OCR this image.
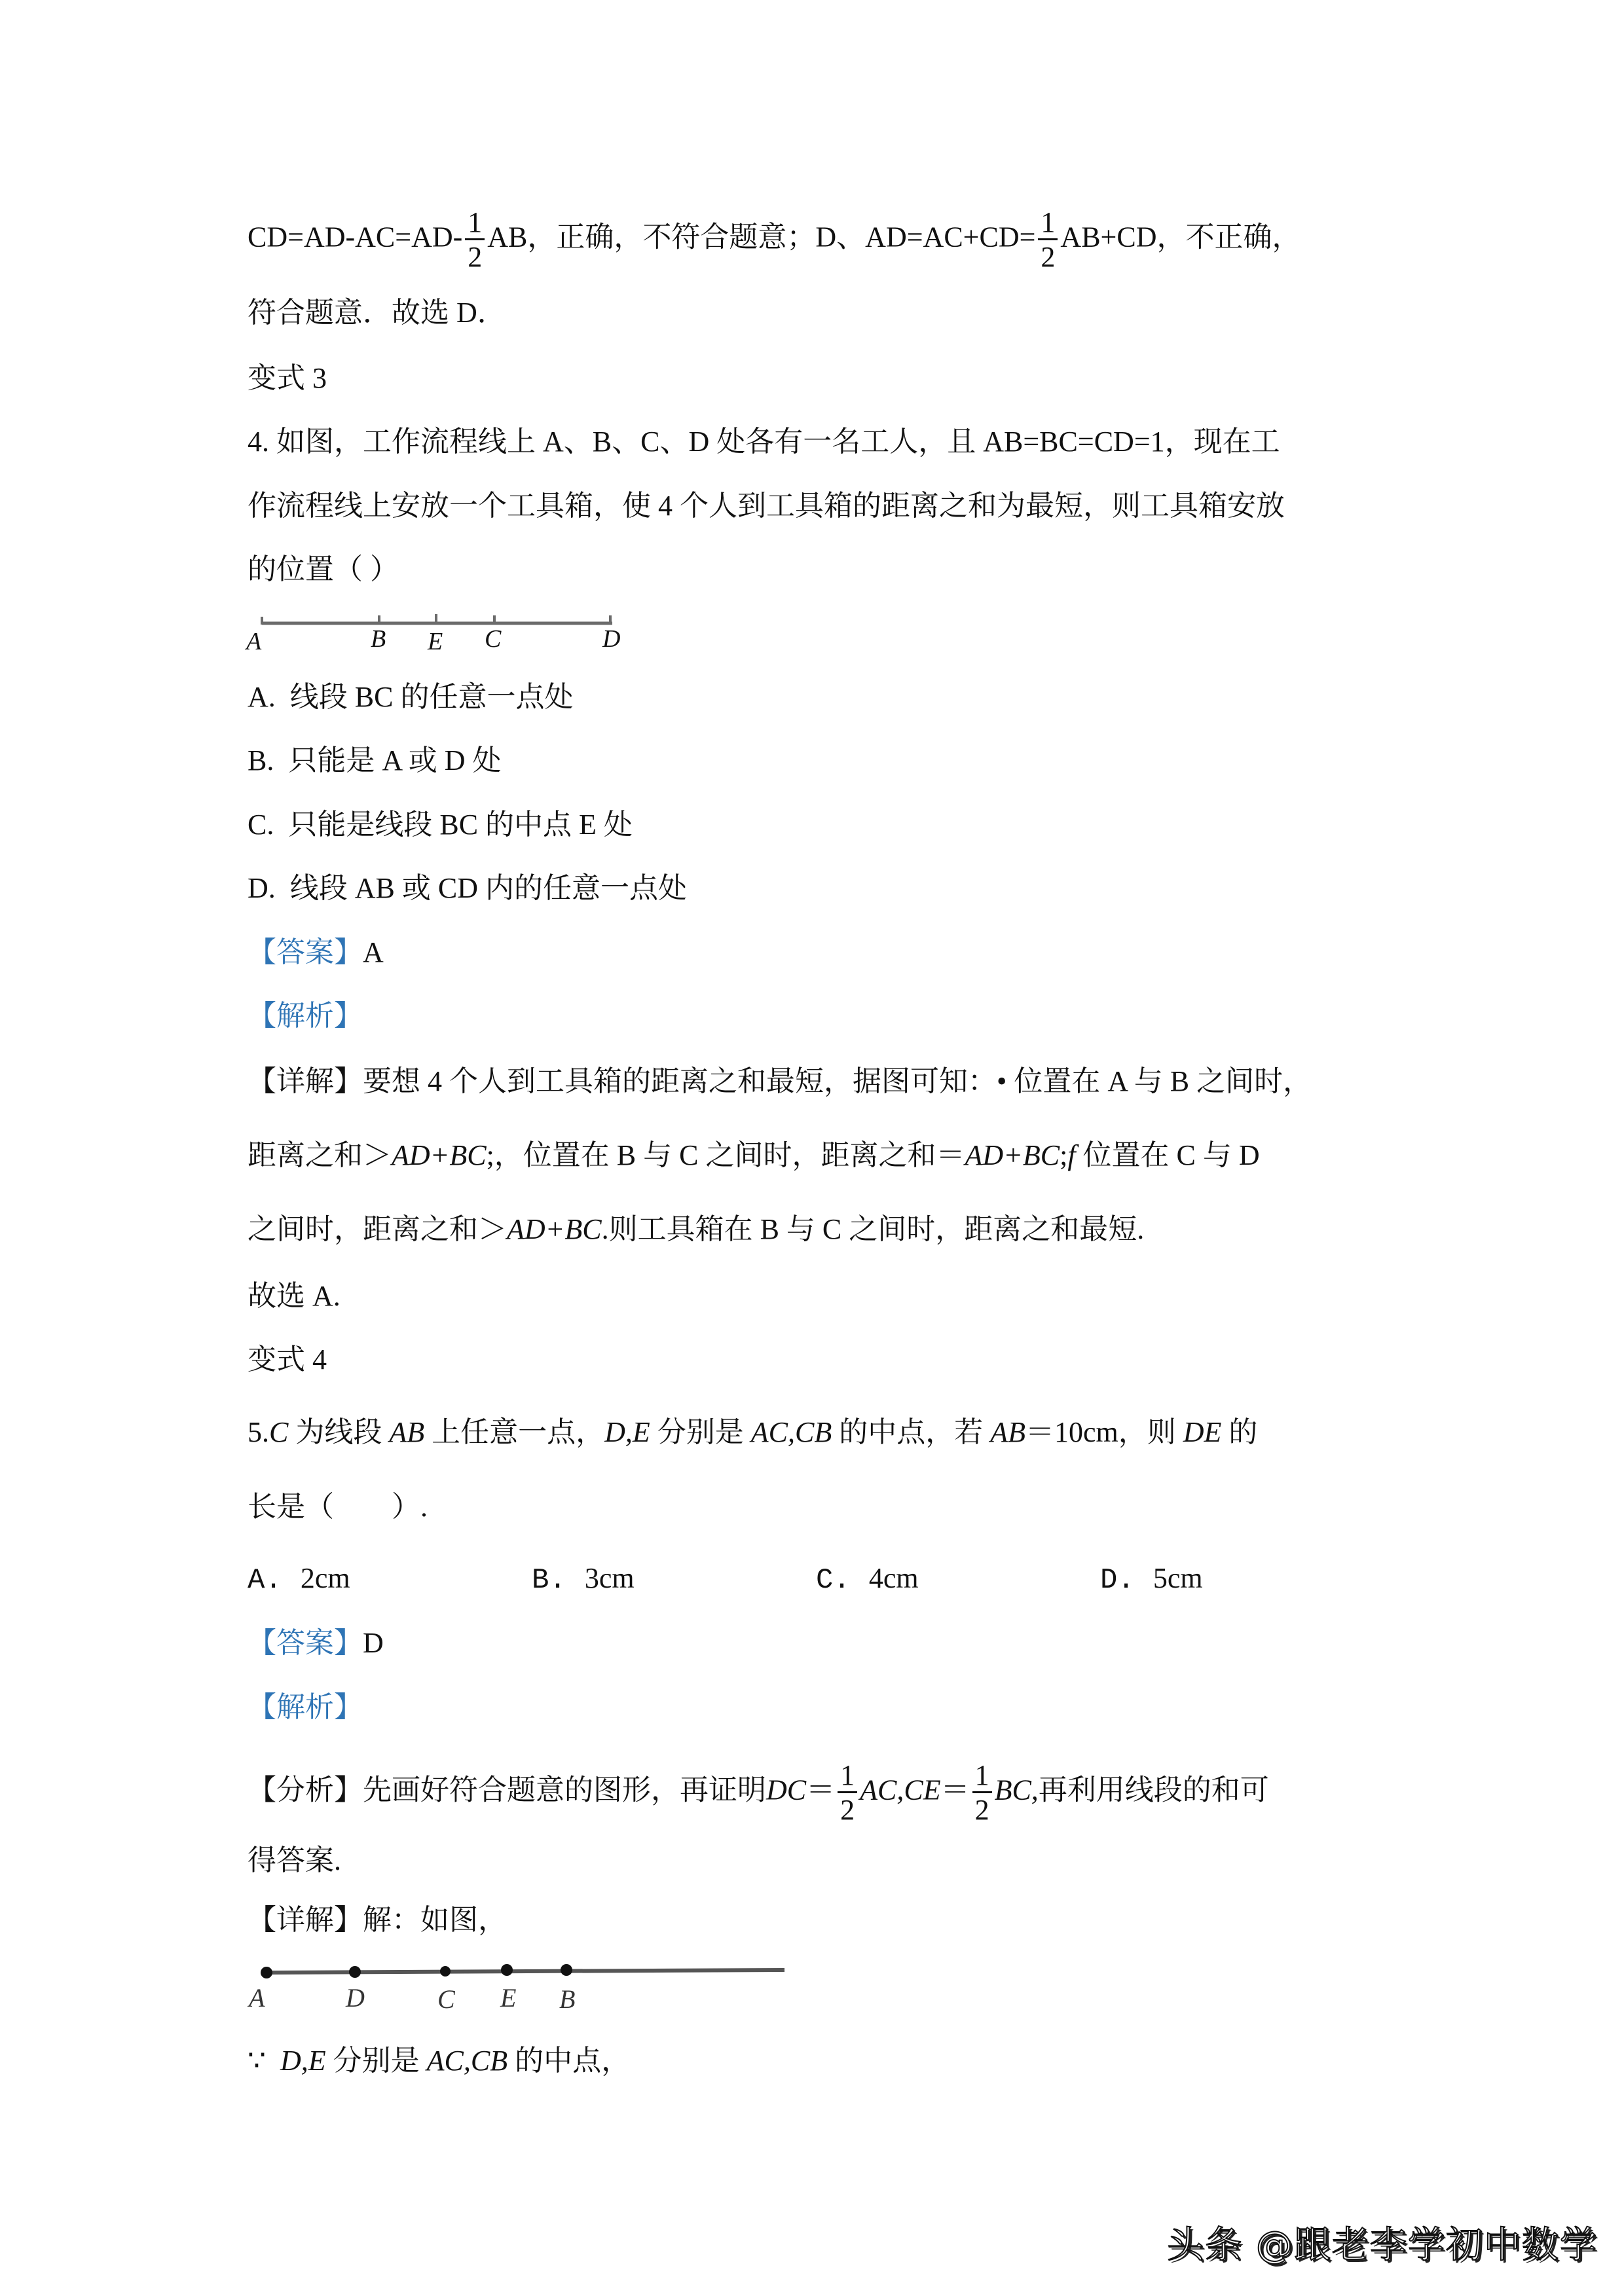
$CD=AD-AC=AD- \frac{1}{2}$ AB，正确，不符合题意；D、$AD=AC+CD= \frac{1}{2} AB+CD$，不正确，
符合题意．故选 D．
变式 3
4. 如图，工作流程线上 A、B、C、D 处各有一名工人，且 AB=BC=CD=1，现在工
作流程线上安放一个工具箱，使 4 个人到工具箱的距离之和为最短，则工具箱安放
的位置（ ）
A	B E C	D
A. 线段 BC 的任意一点处
B. 只能是 A 或 D 处
C. 只能是线段 BC 的中点 E 处
D. 线段 AB 或 CD 内的任意一点处
【答案】A
【解析】
【详解】要想 4 个人到工具箱的距离之和最短，据图可知：• 位置在 A 与 B 之间时，
距离之和＞AD+BC;，位置在 B 与 C 之间时，距离之和＝AD+BC;f 位置在 C 与 D
之间时，距离之和＞AD+BC.则工具箱在 B 与 C 之间时，距离之和最短.
故选 A.
变式 4
5.C 为线段 AB 上任意一点，D,E 分别是 AC,CB 的中点，若 AB＝10cm，则 DE 的
长是（　　）.
A. 2cm	B. 3cm	C. 4cm	D. 5cm
【答案】D
【解析】
【分析】先画好符合题意的图形，再证明$DC= \frac{1}{2} AC,CE= \frac{1}{2}$ BC,再利用线段的和可
得答案.
【详解】解：如图，
A	D	C E B
∵ D,E 分别是 AC,CB 的中点，
头条 @跟老李学初中数学
